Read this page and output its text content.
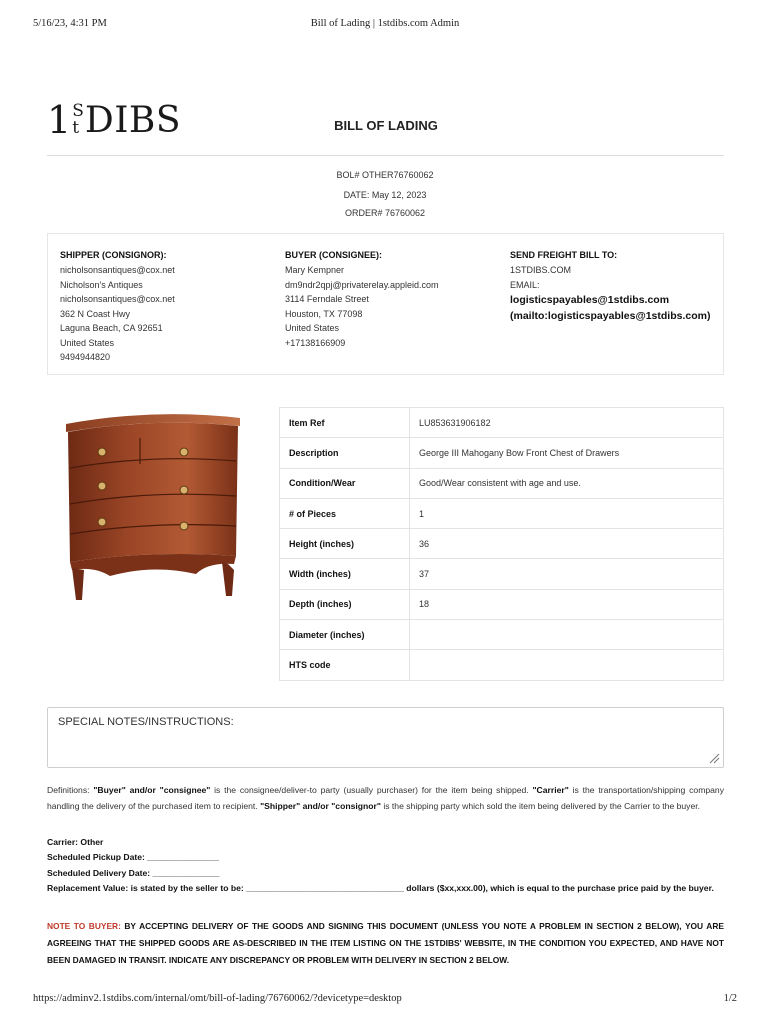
5/16/23, 4:31 PM	Bill of Lading | 1stdibs.com Admin
1 S
t DIBS	BILL OF LADING
BOL# OTHER76760062
DATE: May 12, 2023
ORDER# 76760062
SHIPPER (CONSIGNOR):
nicholsonsantiques@cox.net
Nicholson's Antiques
nicholsonsantiques@cox.net
362 N Coast Hwy
Laguna Beach, CA 92651
United States
9494944820
BUYER (CONSIGNEE):
Mary Kempner
dm9ndr2qpj@privaterelay.appleid.com
3114 Ferndale Street
Houston, TX 77098
United States
+17138166909
SEND FREIGHT BILL TO:
1STDIBS.COM
EMAIL:
logisticspayables@1stdibs.com
(mailto:logisticspayables@1stdibs.com)
Item Ref	LU853631906182
Description	George III Mahogany Bow Front Chest of Drawers
Condition/Wear	Good/Wear consistent with age and use.
# of Pieces	1
Height (inches)	36
Width (inches)	37
Depth (inches)	18
Diameter (inches)	
HTS code	
SPECIAL NOTES/INSTRUCTIONS:
Definitions: "Buyer" and/or "consignee" is the consignee/deliver-to party (usually purchaser) for the item being shipped. "Carrier" is the transportation/shipping company handling the delivery of the purchased item to recipient. "Shipper" and/or "consignor" is the shipping party which sold the item being delivered by the Carrier to the buyer.
Carrier: Other
Scheduled Pickup Date: _______________
Scheduled Delivery Date: ______________
Replacement Value: is stated by the seller to be: _________________________________ dollars ($xx,xxx.00), which is equal to the purchase price paid by the buyer.
NOTE TO BUYER: BY ACCEPTING DELIVERY OF THE GOODS AND SIGNING THIS DOCUMENT (UNLESS YOU NOTE A PROBLEM IN SECTION 2 BELOW), YOU ARE AGREEING THAT THE SHIPPED GOODS ARE AS-DESCRIBED IN THE ITEM LISTING ON THE 1STDIBS' WEBSITE, IN THE CONDITION YOU EXPECTED, AND HAVE NOT BEEN DAMAGED IN TRANSIT. INDICATE ANY DISCREPANCY OR PROBLEM WITH DELIVERY IN SECTION 2 BELOW.
https://adminv2.1stdibs.com/internal/omt/bill-of-lading/76760062/?devicetype=desktop	1/2
